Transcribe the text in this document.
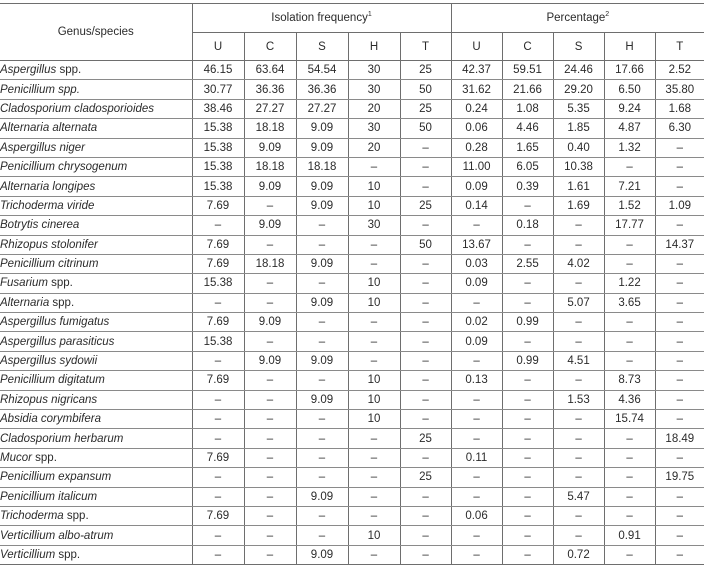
Genus/species	Isolation frequency$^1$					Percentage$^2$
	U	C	S	H	T	U	C	S	H	T
Aspergillus spp.	46.15	63.64	54.54	30	25	42.37	59.51	24.46	17.66	2.52
Penicillium spp.	30.77	36.36	36.36	30	50	31.62	21.66	29.20	6.50	35.80
Cladosporium cladosporioides	38.46	27.27	27.27	20	25	0.24	1.08	5.35	9.24	1.68
Alternaria alternata	15.38	18.18	9.09	30	50	0.06	4.46	1.85	4.87	6.30
Aspergillus niger	15.38	9.09	9.09	20	–	0.28	1.65	0.40	1.32	–
Penicillium chrysogenum	15.38	18.18	18.18	–	–	11.00	6.05	10.38	–	–
Alternaria longipes	15.38	9.09	9.09	10	–	0.09	0.39	1.61	7.21	–
Trichoderma viride	7.69	–	9.09	10	25	0.14	–	1.69	1.52	1.09
Botrytis cinerea	–	9.09	–	30	–	–	0.18	–	17.77	–
Rhizopus stolonifer	7.69	–	–	–	50	13.67	–	–	–	14.37
Penicillium citrinum	7.69	18.18	9.09	–	–	0.03	2.55	4.02	–	–
Fusarium spp.	15.38	–	–	10	–	0.09	–	–	1.22	–
Alternaria spp.	–	–	9.09	10	–	–	–	5.07	3.65	–
Aspergillus fumigatus	7.69	9.09	–	–	–	0.02	0.99	–	–	–
Aspergillus parasiticus	15.38	–	–	–	–	0.09	–	–	–	–
Aspergillus sydowii	–	9.09	9.09	–	–	–	0.99	4.51	–	–
Penicillium digitatum	7.69	–	–	10	–	0.13	–	–	8.73	–
Rhizopus nigricans	–	–	9.09	10	–	–	–	1.53	4.36	–
Absidia corymbifera	–	–	–	10	–	–	–	–	15.74	–
Cladosporium herbarum	–	–	–	–	25	–	–	–	–	18.49
Mucor spp.	7.69	–	–	–	–	0.11	–	–	–	–
Penicillium expansum	–	–	–	–	25	–	–	–	–	19.75
Penicillium italicum	–	–	9.09	–	–	–	–	5.47	–	–
Trichoderma spp.	7.69	–	–	–	–	0.06	–	–	–	–
Verticillium albo-atrum	–	–	–	10	–	–	–	–	0.91	–
Verticillium spp.	–	–	9.09	–	–	–	–	0.72	–	–
